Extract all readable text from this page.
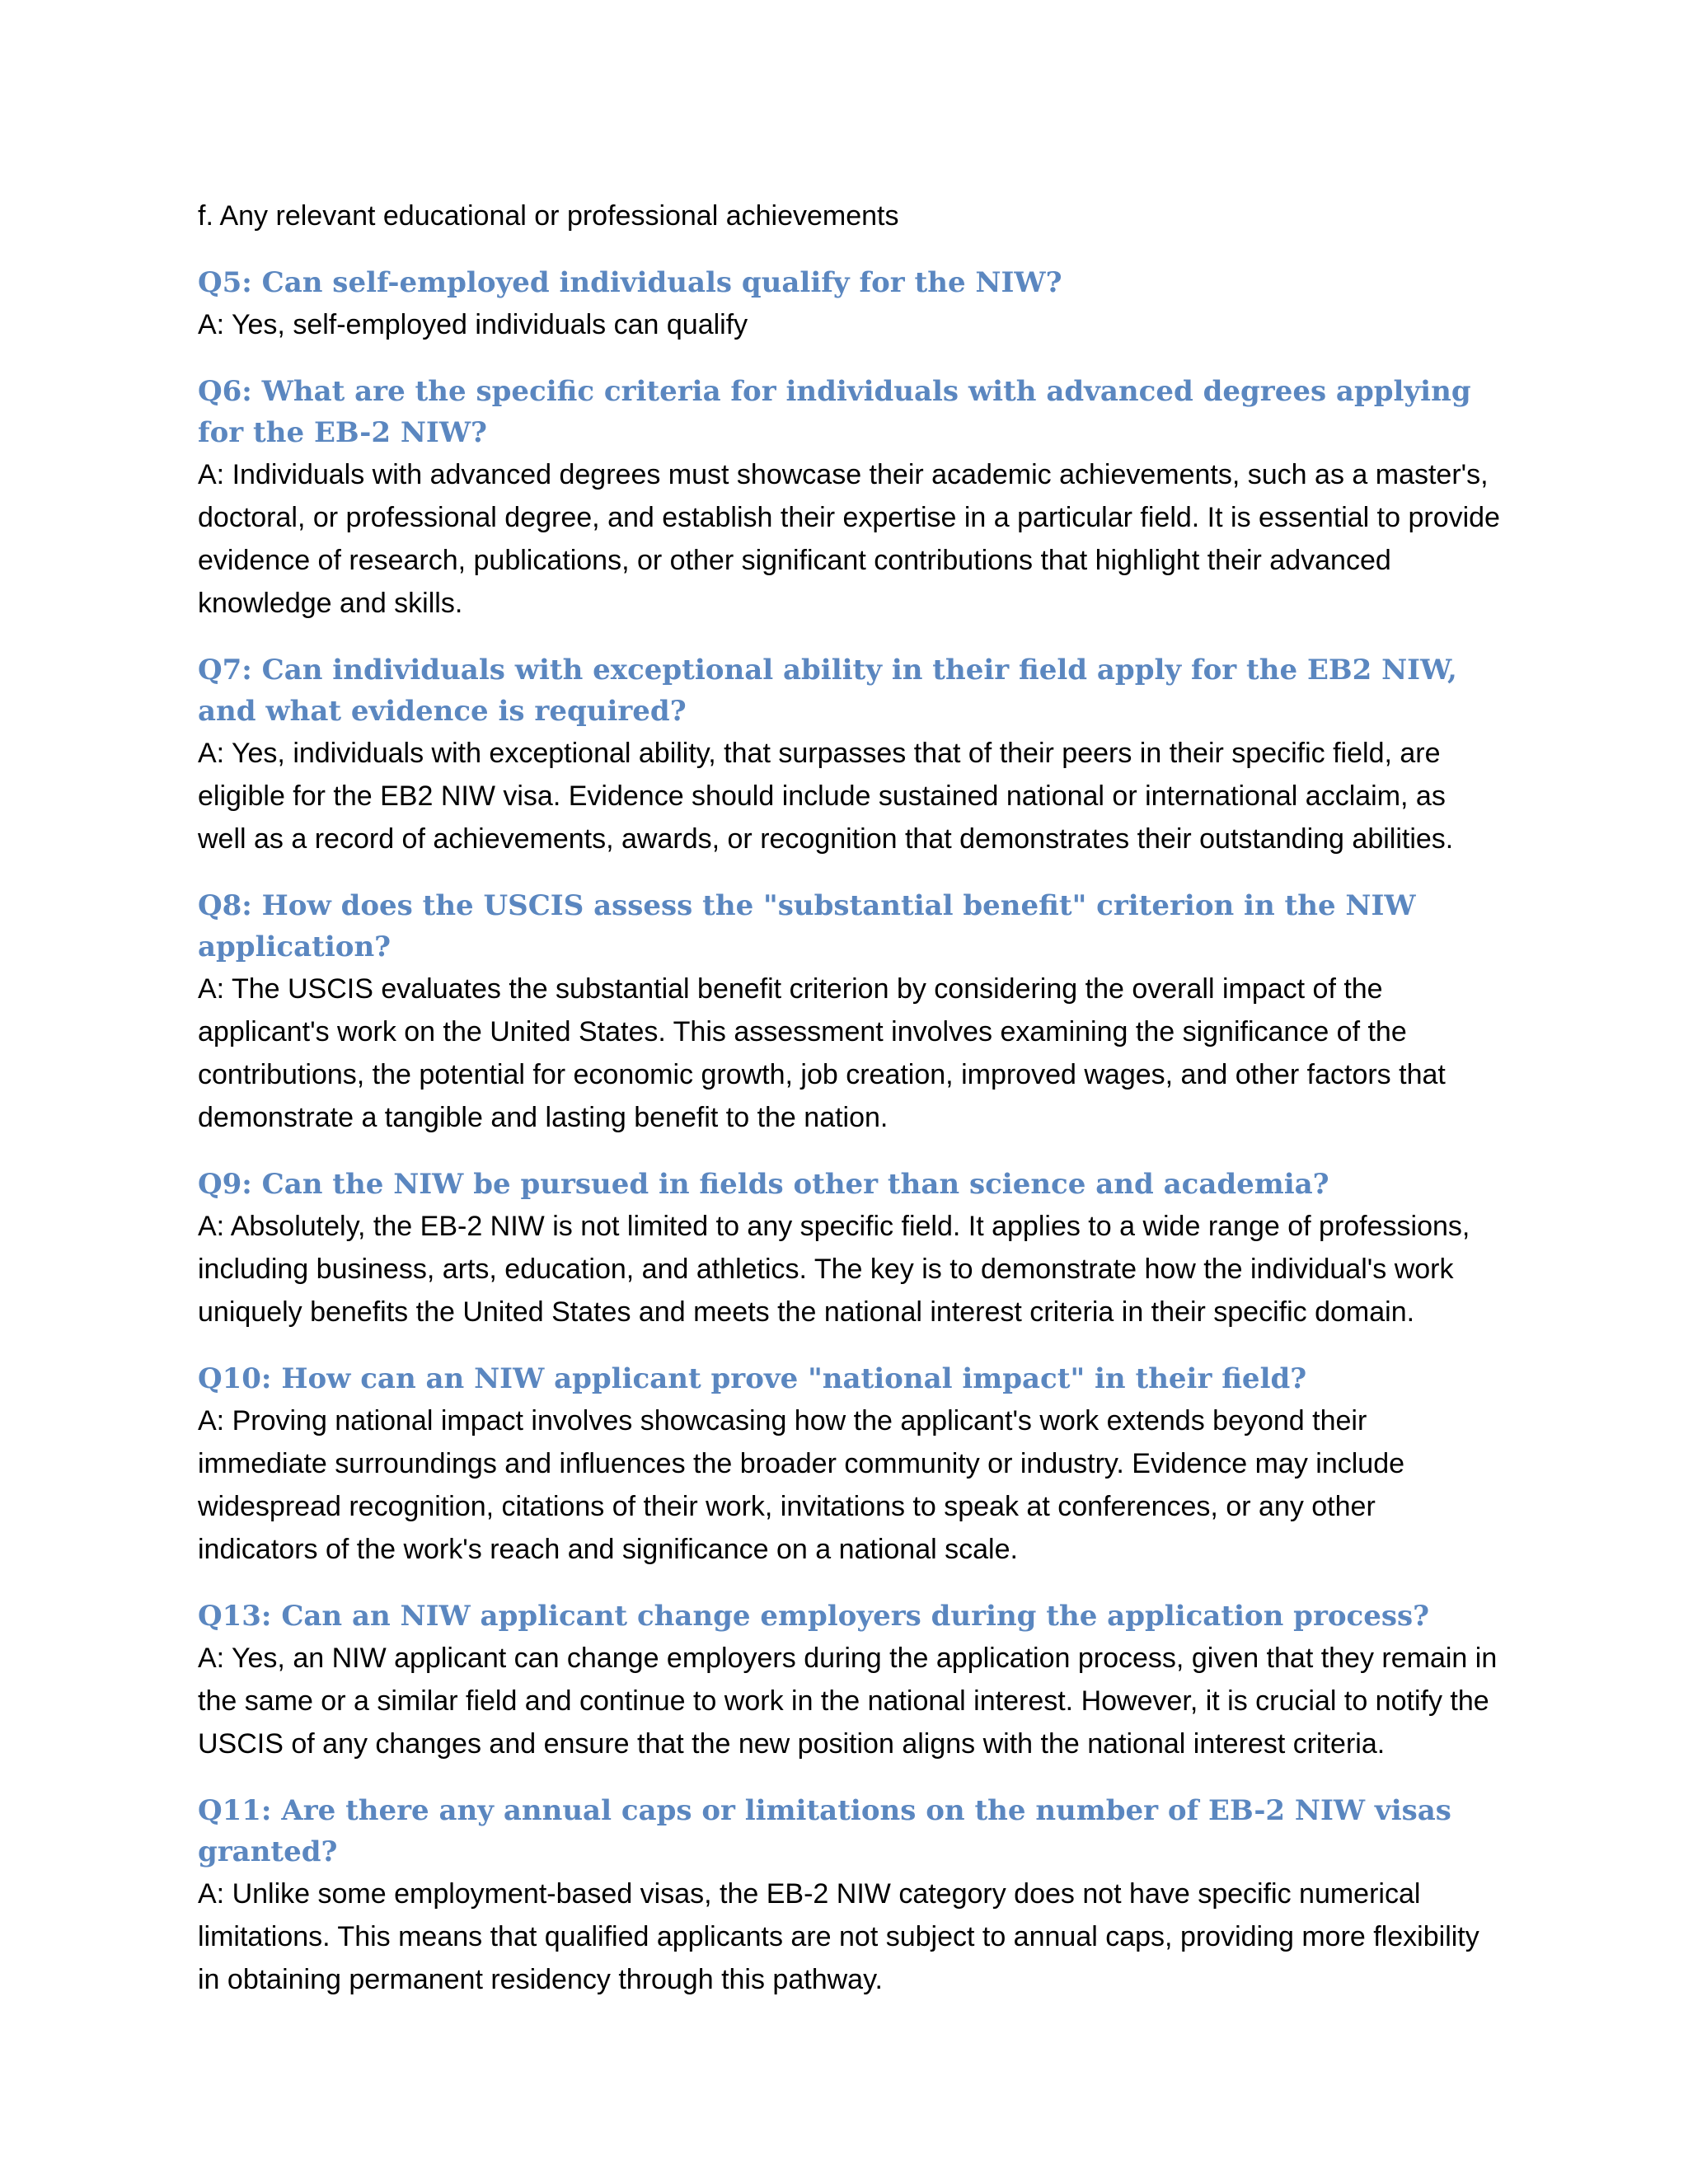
f. Any relevant educational or professional achievements

Q5: Can self-employed individuals qualify for the NIW?

A: Yes, self-employed individuals can qualify

Q6: What are the specific criteria for individuals with advanced degrees applying for the EB-2 NIW?

A: Individuals with advanced degrees must showcase their academic achievements, such as a master's, doctoral, or professional degree, and establish their expertise in a particular field. It is essential to provide evidence of research, publications, or other significant contributions that highlight their advanced knowledge and skills.

Q7: Can individuals with exceptional ability in their field apply for the EB2 NIW, and what evidence is required?

A: Yes, individuals with exceptional ability, that surpasses that of their peers in their specific field, are eligible for the EB2 NIW visa. Evidence should include sustained national or international acclaim, as well as a record of achievements, awards, or recognition that demonstrates their outstanding abilities.

Q8: How does the USCIS assess the "substantial benefit" criterion in the NIW application?

A: The USCIS evaluates the substantial benefit criterion by considering the overall impact of the applicant's work on the United States. This assessment involves examining the significance of the contributions, the potential for economic growth, job creation, improved wages, and other factors that demonstrate a tangible and lasting benefit to the nation.

Q9: Can the NIW be pursued in fields other than science and academia?

A: Absolutely, the EB-2 NIW is not limited to any specific field. It applies to a wide range of professions, including business, arts, education, and athletics. The key is to demonstrate how the individual's work uniquely benefits the United States and meets the national interest criteria in their specific domain.

Q10: How can an NIW applicant prove "national impact" in their field?

A: Proving national impact involves showcasing how the applicant's work extends beyond their immediate surroundings and influences the broader community or industry. Evidence may include widespread recognition, citations of their work, invitations to speak at conferences, or any other indicators of the work's reach and significance on a national scale.

Q13: Can an NIW applicant change employers during the application process?

A: Yes, an NIW applicant can change employers during the application process, given that they remain in the same or a similar field and continue to work in the national interest. However, it is crucial to notify the USCIS of any changes and ensure that the new position aligns with the national interest criteria.

Q11: Are there any annual caps or limitations on the number of EB-2 NIW visas granted?

A: Unlike some employment-based visas, the EB-2 NIW category does not have specific numerical limitations. This means that qualified applicants are not subject to annual caps, providing more flexibility in obtaining permanent residency through this pathway.
